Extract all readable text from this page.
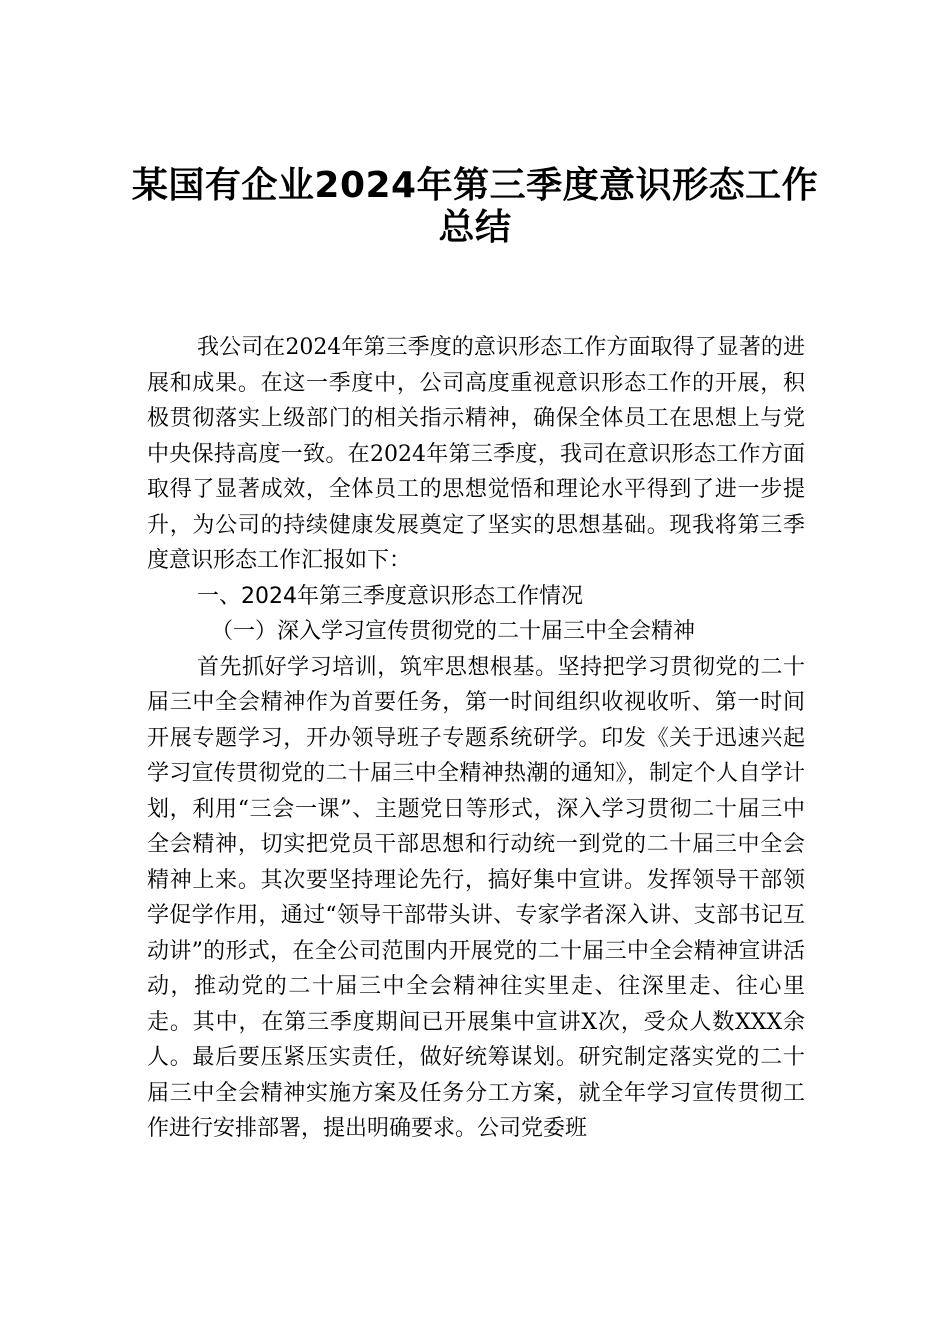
某国有企业2024年第三季度意识形态工作
总结

我公司在2024年第三季度的意识形态工作方面取得了显著的进展和成果。在这一季度中，公司高度重视意识形态工作的开展，积极贯彻落实上级部门的相关指示精神，确保全体员工在思想上与党中央保持高度一致。在2024年第三季度，我司在意识形态工作方面取得了显著成效，全体员工的思想觉悟和理论水平得到了进一步提升，为公司的持续健康发展奠定了坚实的思想基础。现我将第三季度意识形态工作汇报如下：

一、2024年第三季度意识形态工作情况
（一）深入学习宣传贯彻党的二十届三中全会精神

首先抓好学习培训，筑牢思想根基。坚持把学习贯彻党的二十届三中全会精神作为首要任务，第一时间组织收视收听、第一时间开展专题学习，开办领导班子专题系统研学。印发《关于迅速兴起学习宣传贯彻党的二十届三中全精神热潮的通知》，制定个人自学计划，利用“三会一课”、主题党日等形式，深入学习贯彻二十届三中全会精神，切实把党员干部思想和行动统一到党的二十届三中全会精神上来。其次要坚持理论先行，搞好集中宣讲。发挥领导干部领学促学作用，通过“领导干部带头讲、专家学者深入讲、支部书记互动讲”的形式，在全公司范围内开展党的二十届三中全会精神宣讲活动，推动党的二十届三中全会精神往实里走、往深里走、往心里走。其中，在第三季度期间已开展集中宣讲X次，受众人数XXX余人。最后要压紧压实责任，做好统筹谋划。研究制定落实党的二十届三中全会精神实施方案及任务分工方案，就全年学习宣传贯彻工作进行安排部署，提出明确要求。公司党委班
